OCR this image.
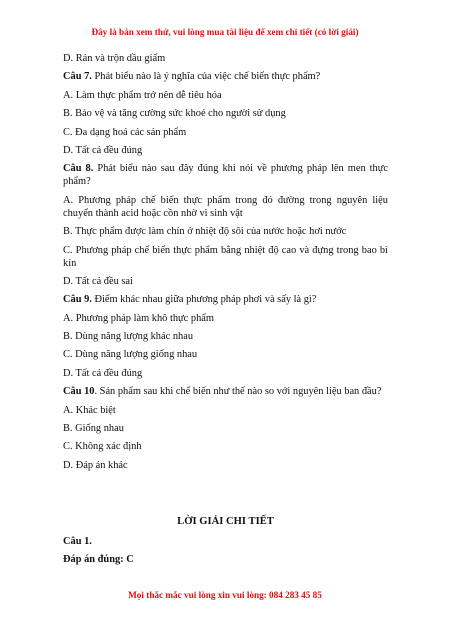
Đây là bản xem thử, vui lòng mua tài liệu để xem chi tiết (có lời giải)
D. Rán và trộn dầu giấm
Câu 7. Phát biểu nào là ý nghĩa của việc chế biến thực phẩm?
A. Làm thực phẩm trở nên dễ tiêu hóa
B. Bảo vệ và tăng cường sức khoẻ cho người sử dụng
C. Đa dạng hoá các sản phẩm
D. Tất cả đều đúng
Câu 8. Phát biểu nào sau đây đúng khi nói về phương pháp lên men thực phẩm?
A. Phương pháp chế biến thực phẩm trong đó đường trong nguyên liệu chuyển thành acid hoặc cồn nhờ vi sinh vật
B. Thực phẩm được làm chín ở nhiệt độ sôi của nước hoặc hơi nước
C. Phương pháp chế biến thực phẩm bằng nhiệt độ cao và đựng trong bao bì kín
D. Tất cả đều sai
Câu 9. Điểm khác nhau giữa phương pháp phơi và sấy là gì?
A. Phương pháp làm khô thực phẩm
B. Dùng năng lượng khác nhau
C. Dùng năng lượng giống nhau
D. Tất cả đều đúng
Câu 10. Sản phẩm sau khi chế biến như thế nào so với nguyên liệu ban đầu?
A. Khác biệt
B. Giống nhau
C. Không xác định
D. Đáp án khác
LỜI GIẢI CHI TIẾT
Câu 1.
Đáp án đúng: C
Mọi thắc mắc vui lòng xin vui lòng: 084 283 45 85
